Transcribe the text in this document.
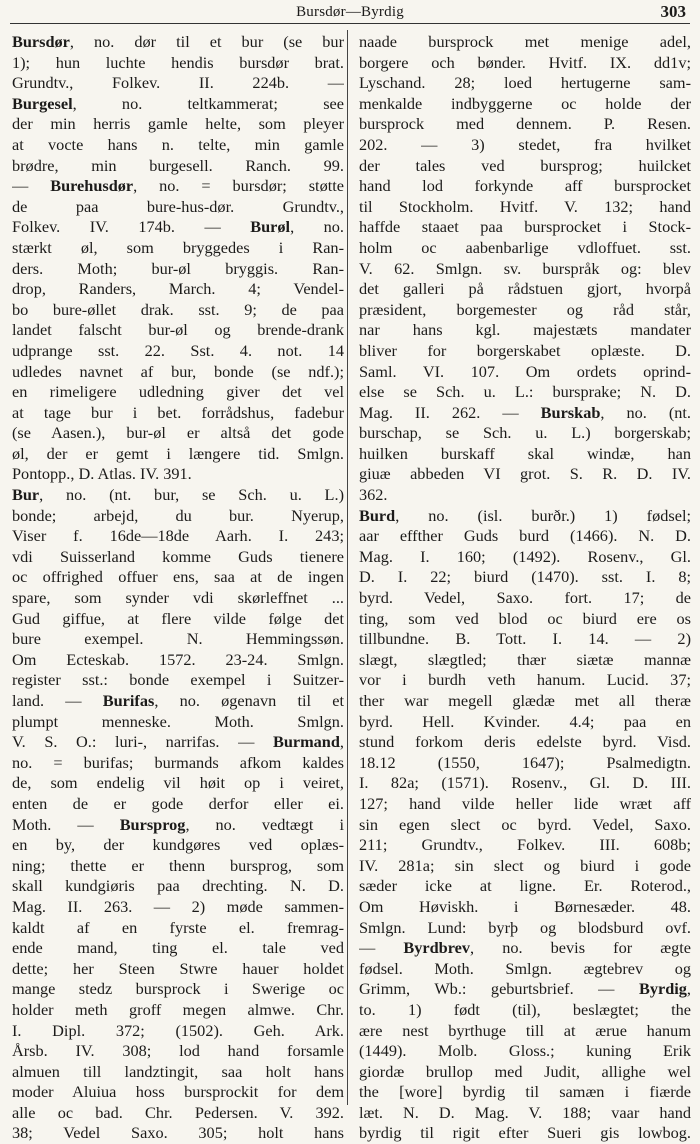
Bursdør—Byrdig	303
Bursdør, no. dør til et bur (se bur
1); hun luchte hendis bursdør brat.
Grundtv., Folkev. II. 224b. —
Burgesel, no. teltkammerat; see
der min herris gamle helte, som pleyer
at vocte hans n. telte, min gamle
brødre, min burgesell. Ranch. 99.
— Burehusdør, no. = bursdør; støtte
de paa bure-hus-dør. Grundtv.,
Folkev. IV. 174b. — Burøl, no.
stærkt øl, som bryggedes i Ran-
ders. Moth; bur-øl bryggis. Ran-
drop, Randers, March. 4; Vendel-
bo bure-øllet drak. sst. 9; de paa
landet falscht bur-øl og brende-drank
udprange sst. 22. Sst. 4. not. 14
udledes navnet af bur, bonde (se ndf.);
en rimeligere udledning giver det vel
at tage bur i bet. forrådshus, fadebur
(se Aasen.), bur-øl er altså det gode
øl, der er gemt i længere tid. Smlgn.
Pontopp., D. Atlas. IV. 391.
Bur, no. (nt. bur, se Sch. u. L.)
bonde; arbejd, du bur. Nyerup,
Viser f. 16de—18de Aarh. I. 243;
vdi Suisserland komme Guds tienere
oc offrighed offuer ens, saa at de ingen
spare, som synder vdi skørleffnet ...
Gud giffue, at flere vilde følge det
bure exempel. N. Hemmingssøn.
Om Ecteskab. 1572. 23-24. Smlgn.
register sst.: bonde exempel i Suitzer-
land. — Burifas, no. øgenavn til et
plumpt menneske. Moth. Smlgn.
V. S. O.: luri-, narrifas. — Burmand,
no. = burifas; burmands afkom kaldes
de, som endelig vil høit op i veiret,
enten de er gode derfor eller ei.
Moth. — Bursprog, no. vedtægt i
en by, der kundgøres ved oplæs-
ning; thette er thenn bursprog, som
skall kundgiøris paa drechting. N. D.
Mag. II. 263. — 2) møde sammen-
kaldt af en fyrste el. fremrag-
ende mand, ting el. tale ved
dette; her Steen Stwre hauer holdet
mange stedz bursprock i Swerige oc
holder meth groff megen almwe. Chr.
I. Dipl. 372; (1502). Geh. Ark.
Årsb. IV. 308; lod hand forsamle
almuen till landztingit, saa holt hans
moder Aluiua hoss bursprockit for dem
alle oc bad. Chr. Pedersen. V. 392.
38; Vedel Saxo. 305; holt hans
naade bursprock met menige adel,
borgere och bønder. Hvitf. IX. dd1v;
Lyschand. 28; loed hertugerne sam-
menkalde indbyggerne oc holde der
bursprock med dennem. P. Resen.
202. — 3) stedet, fra hvilket
der tales ved bursprog; huilcket
hand lod forkynde aff bursprocket
til Stockholm. Hvitf. V. 132; hand
haffde staaet paa bursprocket i Stock-
holm oc aabenbarlige vdloffuet. sst.
V. 62. Smlgn. sv. burspråk og: blev
det galleri på rådstuen gjort, hvorpå
præsident, borgemester og råd står,
nar hans kgl. majestæts mandater
bliver for borgerskabet oplæste. D.
Saml. VI. 107. Om ordets oprind-
else se Sch. u. L.: bursprake; N. D.
Mag. II. 262. — Burskab, no. (nt.
burschap, se Sch. u. L.) borgerskab;
huilken burskaff skal windæ, han
giuæ abbeden VI grot. S. R. D. IV.
362.
Burd, no. (isl. burðr.) 1) fødsel;
aar effther Guds burd (1466). N. D.
Mag. I. 160; (1492). Rosenv., Gl.
D. I. 22; biurd (1470). sst. I. 8;
byrd. Vedel, Saxo. fort. 17; de
ting, som ved blod oc biurd ere os
tillbundne. B. Tott. I. 14. — 2)
slægt, slægtled; thær siætæ mannæ
vor i burdh veth hanum. Lucid. 37;
ther war megell glædæ met all theræ
byrd. Hell. Kvinder. 4.4; paa en
stund forkom deris edelste byrd. Visd.
18.12 (1550, 1647); Psalmedigtn.
I. 82a; (1571). Rosenv., Gl. D. III.
127; hand vilde heller lide wræt aff
sin egen slect oc byrd. Vedel, Saxo.
211; Grundtv., Folkev. III. 608b;
IV. 281a; sin slect og biurd i gode
sæder icke at ligne. Er. Roterod.,
Om Høviskh. i Børnesæder. 48.
Smlgn. Lund: byrþ og blodsburd ovf.
— Byrdbrev, no. bevis for ægte
fødsel. Moth. Smlgn. ægtebrev og
Grimm, Wb.: geburtsbrief. — Byrdig,
to. 1) født (til), beslægtet; the
ære nest byrthuge till at ærue hanum
(1449). Molb. Gloss.; kuning Erik
giordæ brullop med Judit, allighe wel
the [wore] byrdig til samæn i fiærde
læt. N. D. Mag. V. 188; vaar hand
byrdig til rigit efter Sueri gis lowbog.
